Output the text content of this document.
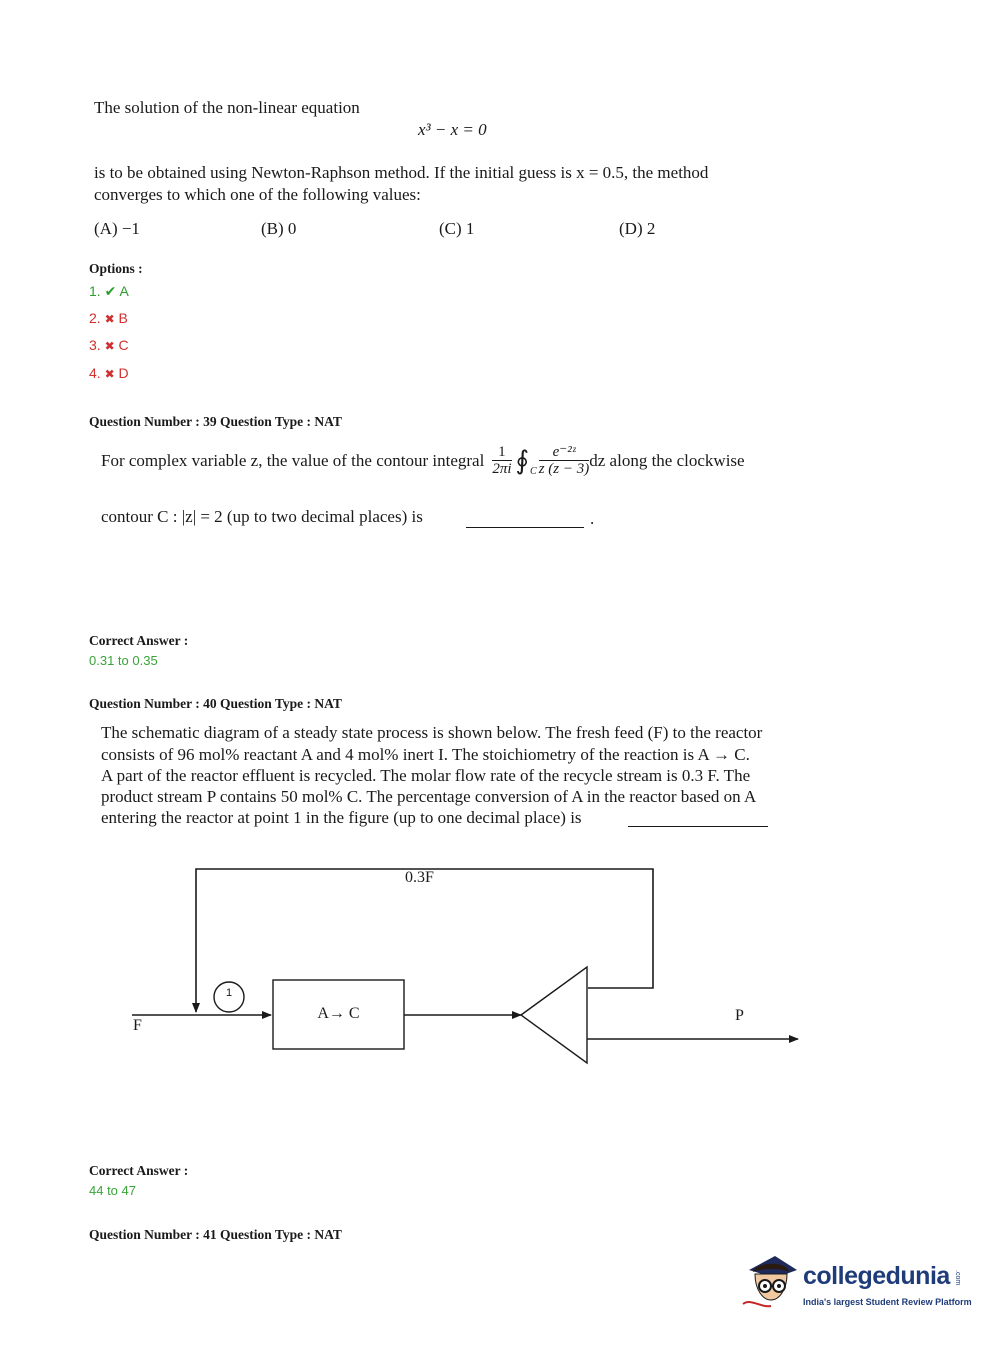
The solution of the non-linear equation
x³ − x = 0
is to be obtained using Newton-Raphson method. If the initial guess is x = 0.5, the method
converges to which one of the following values:
(A) −1	(B) 0	(C) 1	(D) 2
Options :
1. ✔ A
2. ✖ B
3. ✖ C
4. ✖ D
Question Number : 39 Question Type : NAT
For complex variable z, the value of the contour integral $\frac{1}{2\pi i}$ ∮ C $\frac{\text{e⁻²ᶻ}}{z (z - 3)}$ dz along the clockwise
contour C : |z| = 2 (up to two decimal places) is	.
Correct Answer :
0.31 to 0.35
Question Number : 40 Question Type : NAT
The schematic diagram of a steady state process is shown below. The fresh feed (F) to the reactor
consists of 96 mol% reactant A and 4 mol% inert I. The stoichiometry of the reaction is A → C.
A part of the reactor effluent is recycled. The molar flow rate of the recycle stream is 0.3 F. The
product stream P contains 50 mol% C. The percentage conversion of A in the reactor based on A
entering the reactor at point 1 in the figure (up to one decimal place) is
0.3F
1
A→ C
F
P
Correct Answer :
44 to 47
Question Number : 41 Question Type : NAT
collegedunia .com
India's largest Student Review Platform
